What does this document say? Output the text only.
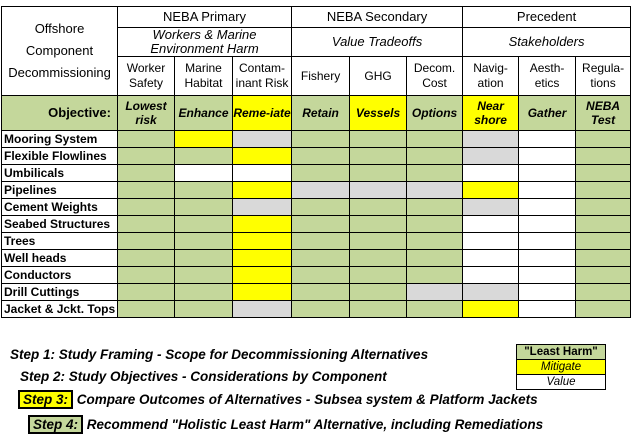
Offshore Component Decommissioning	NEBA Primary			NEBA Secondary			Precedent		
	Workers & Marine Environment Harm			Value Tradeoffs			Stakeholders		
	Worker Safety	Marine Habitat	Contam-inant Risk	Fishery	GHG	Decom. Cost	Navig-ation	Aesth-etics	Regula-tions
Objective:	Lowest risk	Enhance	Reme-iate	Retain	Vessels	Options	Near shore	Gather	NEBA Test
Mooring System									
Flexible Flowlines									
Umbilicals									
Pipelines									
Cement Weights									
Seabed Structures									
Trees									
Well heads									
Conductors									
Drill Cuttings									
Jacket & Jckt. Tops									
Step 1: Study Framing - Scope for Decommissioning Alternatives
Step 2: Study Objectives - Considerations by Component
Step 3: Compare Outcomes of Alternatives - Subsea system & Platform Jackets
Step 4: Recommend "Holistic Least Harm" Alternative, including Remediations
"Least Harm"
Mitigate
Value
